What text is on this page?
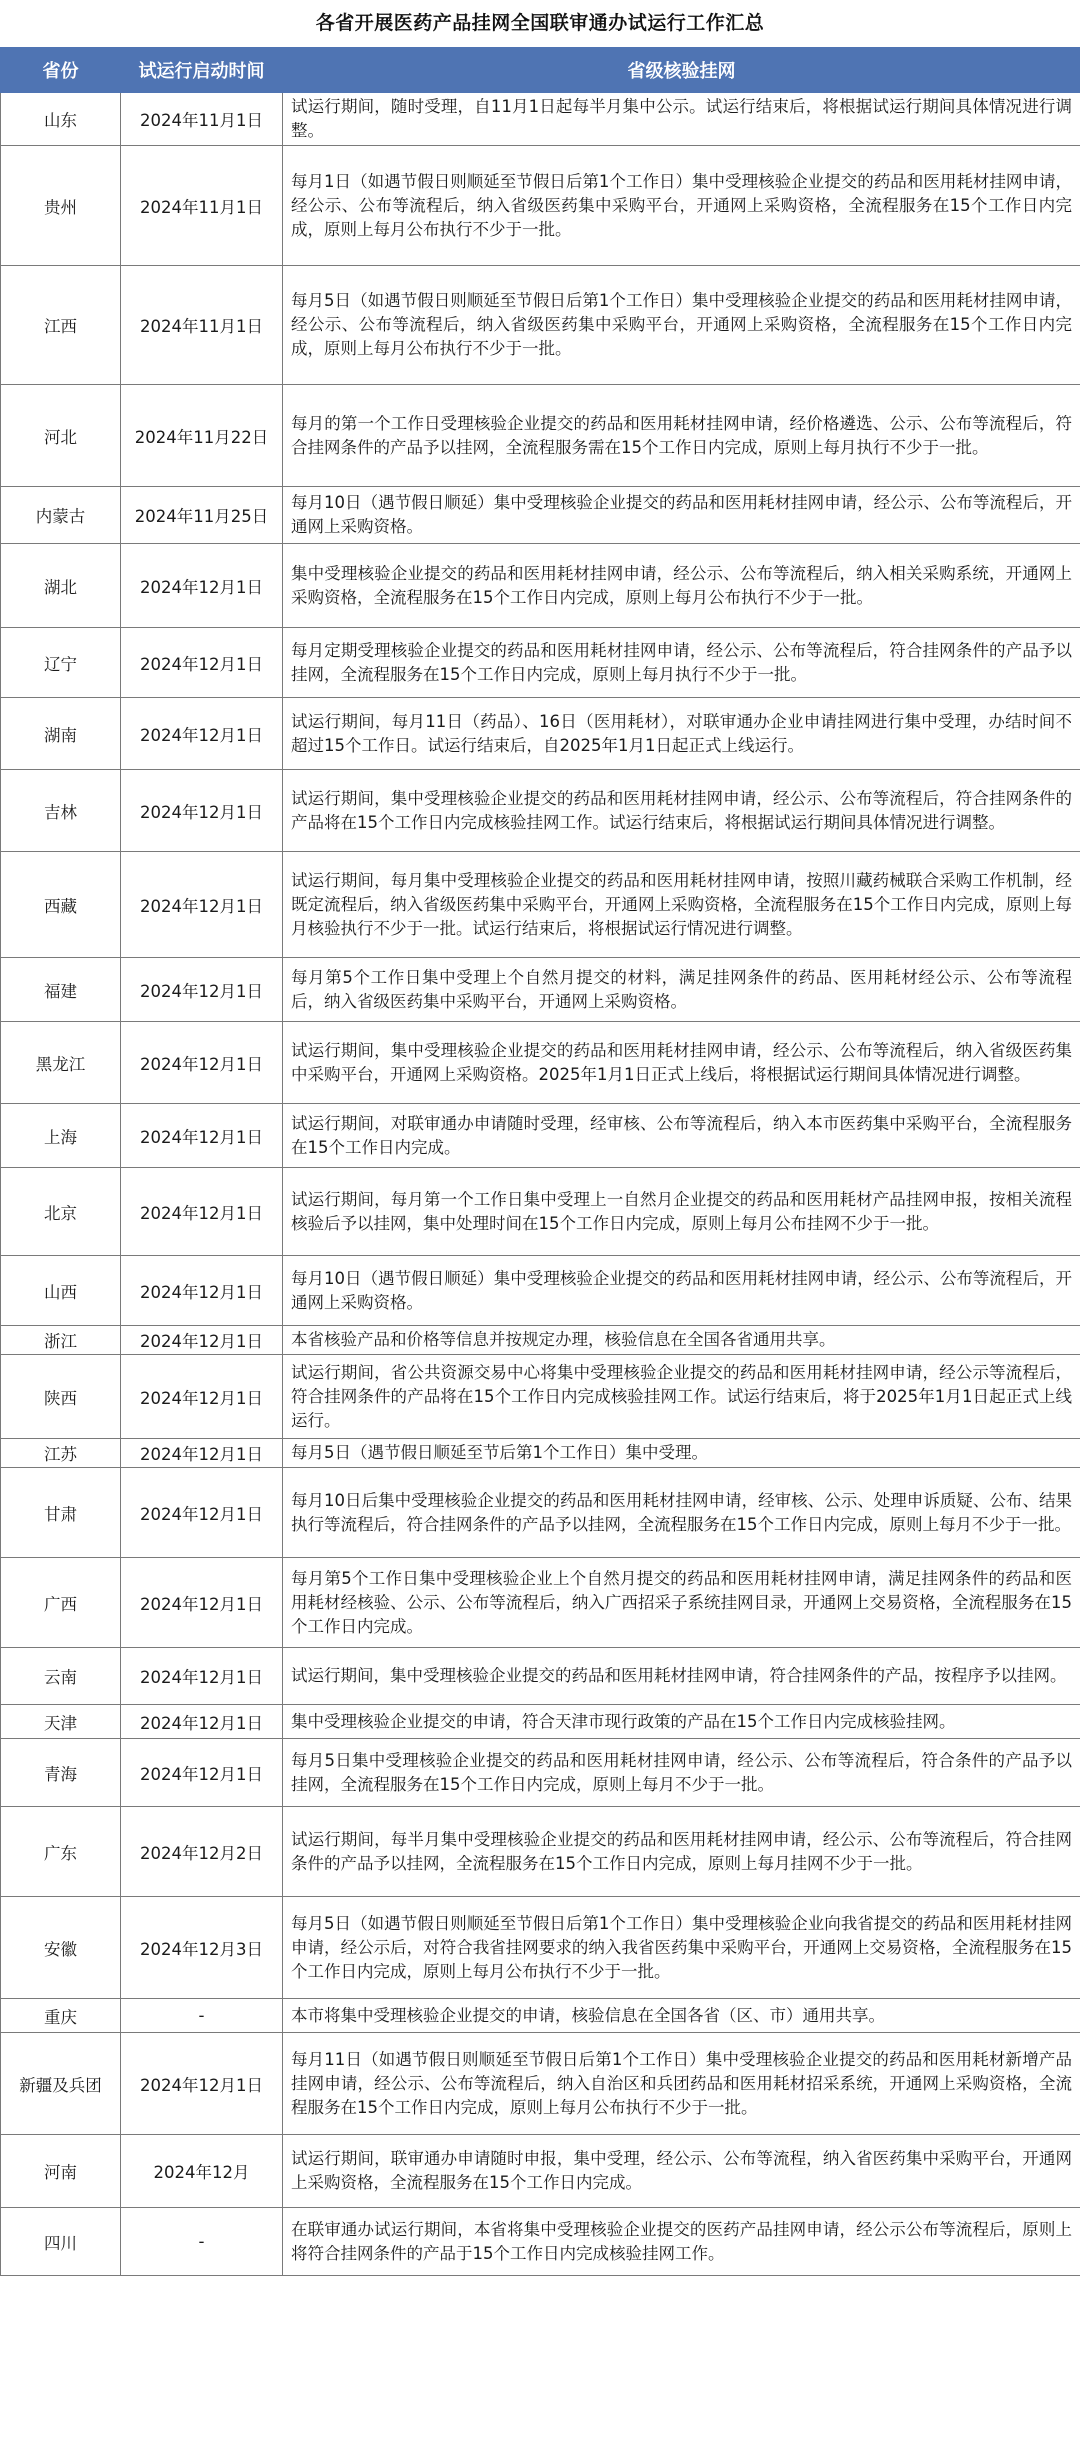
各省开展医药产品挂网全国联审通办试运行工作汇总
省份	试运行启动时间	省级核验挂网
山东	2024年11月1日	试运行期间，随时受理，自11月1日起每半月集中公示。试运行结束后，将根据试运行期间具体情况进行调整。
贵州	2024年11月1日	每月1日（如遇节假日则顺延至节假日后第1个工作日）集中受理核验企业提交的药品和医用耗材挂网申请，经公示、公布等流程后，纳入省级医药集中采购平台，开通网上采购资格，全流程服务在15个工作日内完成，原则上每月公布执行不少于一批。
江西	2024年11月1日	每月5日（如遇节假日则顺延至节假日后第1个工作日）集中受理核验企业提交的药品和医用耗材挂网申请，经公示、公布等流程后，纳入省级医药集中采购平台，开通网上采购资格，全流程服务在15个工作日内完成，原则上每月公布执行不少于一批。
河北	2024年11月22日	每月的第一个工作日受理核验企业提交的药品和医用耗材挂网申请，经价格遴选、公示、公布等流程后，符合挂网条件的产品予以挂网，全流程服务需在15个工作日内完成，原则上每月执行不少于一批。
内蒙古	2024年11月25日	每月10日（遇节假日顺延）集中受理核验企业提交的药品和医用耗材挂网申请，经公示、公布等流程后，开通网上采购资格。
湖北	2024年12月1日	集中受理核验企业提交的药品和医用耗材挂网申请，经公示、公布等流程后，纳入相关采购系统，开通网上采购资格，全流程服务在15个工作日内完成，原则上每月公布执行不少于一批。
辽宁	2024年12月1日	每月定期受理核验企业提交的药品和医用耗材挂网申请，经公示、公布等流程后，符合挂网条件的产品予以挂网，全流程服务在15个工作日内完成，原则上每月执行不少于一批。
湖南	2024年12月1日	试运行期间，每月11日（药品）、16日（医用耗材），对联审通办企业申请挂网进行集中受理，办结时间不超过15个工作日。试运行结束后，自2025年1月1日起正式上线运行。
吉林	2024年12月1日	试运行期间，集中受理核验企业提交的药品和医用耗材挂网申请，经公示、公布等流程后，符合挂网条件的产品将在15个工作日内完成核验挂网工作。试运行结束后，将根据试运行期间具体情况进行调整。
西藏	2024年12月1日	试运行期间，每月集中受理核验企业提交的药品和医用耗材挂网申请，按照川藏药械联合采购工作机制，经既定流程后，纳入省级医药集中采购平台，开通网上采购资格，全流程服务在15个工作日内完成，原则上每月核验执行不少于一批。试运行结束后，将根据试运行情况进行调整。
福建	2024年12月1日	每月第5个工作日集中受理上个自然月提交的材料，满足挂网条件的药品、医用耗材经公示、公布等流程后，纳入省级医药集中采购平台，开通网上采购资格。
黑龙江	2024年12月1日	试运行期间，集中受理核验企业提交的药品和医用耗材挂网申请，经公示、公布等流程后，纳入省级医药集中采购平台，开通网上采购资格。2025年1月1日正式上线后，将根据试运行期间具体情况进行调整。
上海	2024年12月1日	试运行期间，对联审通办申请随时受理，经审核、公布等流程后，纳入本市医药集中采购平台，全流程服务在15个工作日内完成。
北京	2024年12月1日	试运行期间，每月第一个工作日集中受理上一自然月企业提交的药品和医用耗材产品挂网申报，按相关流程核验后予以挂网，集中处理时间在15个工作日内完成，原则上每月公布挂网不少于一批。
山西	2024年12月1日	每月10日（遇节假日顺延）集中受理核验企业提交的药品和医用耗材挂网申请，经公示、公布等流程后，开通网上采购资格。
浙江	2024年12月1日	本省核验产品和价格等信息并按规定办理，核验信息在全国各省通用共享。
陕西	2024年12月1日	试运行期间，省公共资源交易中心将集中受理核验企业提交的药品和医用耗材挂网申请，经公示等流程后，符合挂网条件的产品将在15个工作日内完成核验挂网工作。试运行结束后，将于2025年1月1日起正式上线运行。
江苏	2024年12月1日	每月5日（遇节假日顺延至节后第1个工作日）集中受理。
甘肃	2024年12月1日	每月10日后集中受理核验企业提交的药品和医用耗材挂网申请，经审核、公示、处理申诉质疑、公布、结果执行等流程后，符合挂网条件的产品予以挂网，全流程服务在15个工作日内完成，原则上每月不少于一批。
广西	2024年12月1日	每月第5个工作日集中受理核验企业上个自然月提交的药品和医用耗材挂网申请，满足挂网条件的药品和医用耗材经核验、公示、公布等流程后，纳入广西招采子系统挂网目录，开通网上交易资格，全流程服务在15个工作日内完成。
云南	2024年12月1日	试运行期间，集中受理核验企业提交的药品和医用耗材挂网申请，符合挂网条件的产品，按程序予以挂网。
天津	2024年12月1日	集中受理核验企业提交的申请，符合天津市现行政策的产品在15个工作日内完成核验挂网。
青海	2024年12月1日	每月5日集中受理核验企业提交的药品和医用耗材挂网申请，经公示、公布等流程后，符合条件的产品予以挂网，全流程服务在15个工作日内完成，原则上每月不少于一批。
广东	2024年12月2日	试运行期间，每半月集中受理核验企业提交的药品和医用耗材挂网申请，经公示、公布等流程后，符合挂网条件的产品予以挂网，全流程服务在15个工作日内完成，原则上每月挂网不少于一批。
安徽	2024年12月3日	每月5日（如遇节假日则顺延至节假日后第1个工作日）集中受理核验企业向我省提交的药品和医用耗材挂网申请，经公示后，对符合我省挂网要求的纳入我省医药集中采购平台，开通网上交易资格，全流程服务在15个工作日内完成，原则上每月公布执行不少于一批。
重庆	-	本市将集中受理核验企业提交的申请，核验信息在全国各省（区、市）通用共享。
新疆及兵团	2024年12月1日	每月11日（如遇节假日则顺延至节假日后第1个工作日）集中受理核验企业提交的药品和医用耗材新增产品挂网申请，经公示、公布等流程后，纳入自治区和兵团药品和医用耗材招采系统，开通网上采购资格，全流程服务在15个工作日内完成，原则上每月公布执行不少于一批。
河南	2024年12月	试运行期间，联审通办申请随时申报，集中受理，经公示、公布等流程，纳入省医药集中采购平台，开通网上采购资格，全流程服务在15个工作日内完成。
四川	-	在联审通办试运行期间，本省将集中受理核验企业提交的医药产品挂网申请，经公示公布等流程后，原则上将符合挂网条件的产品于15个工作日内完成核验挂网工作。
